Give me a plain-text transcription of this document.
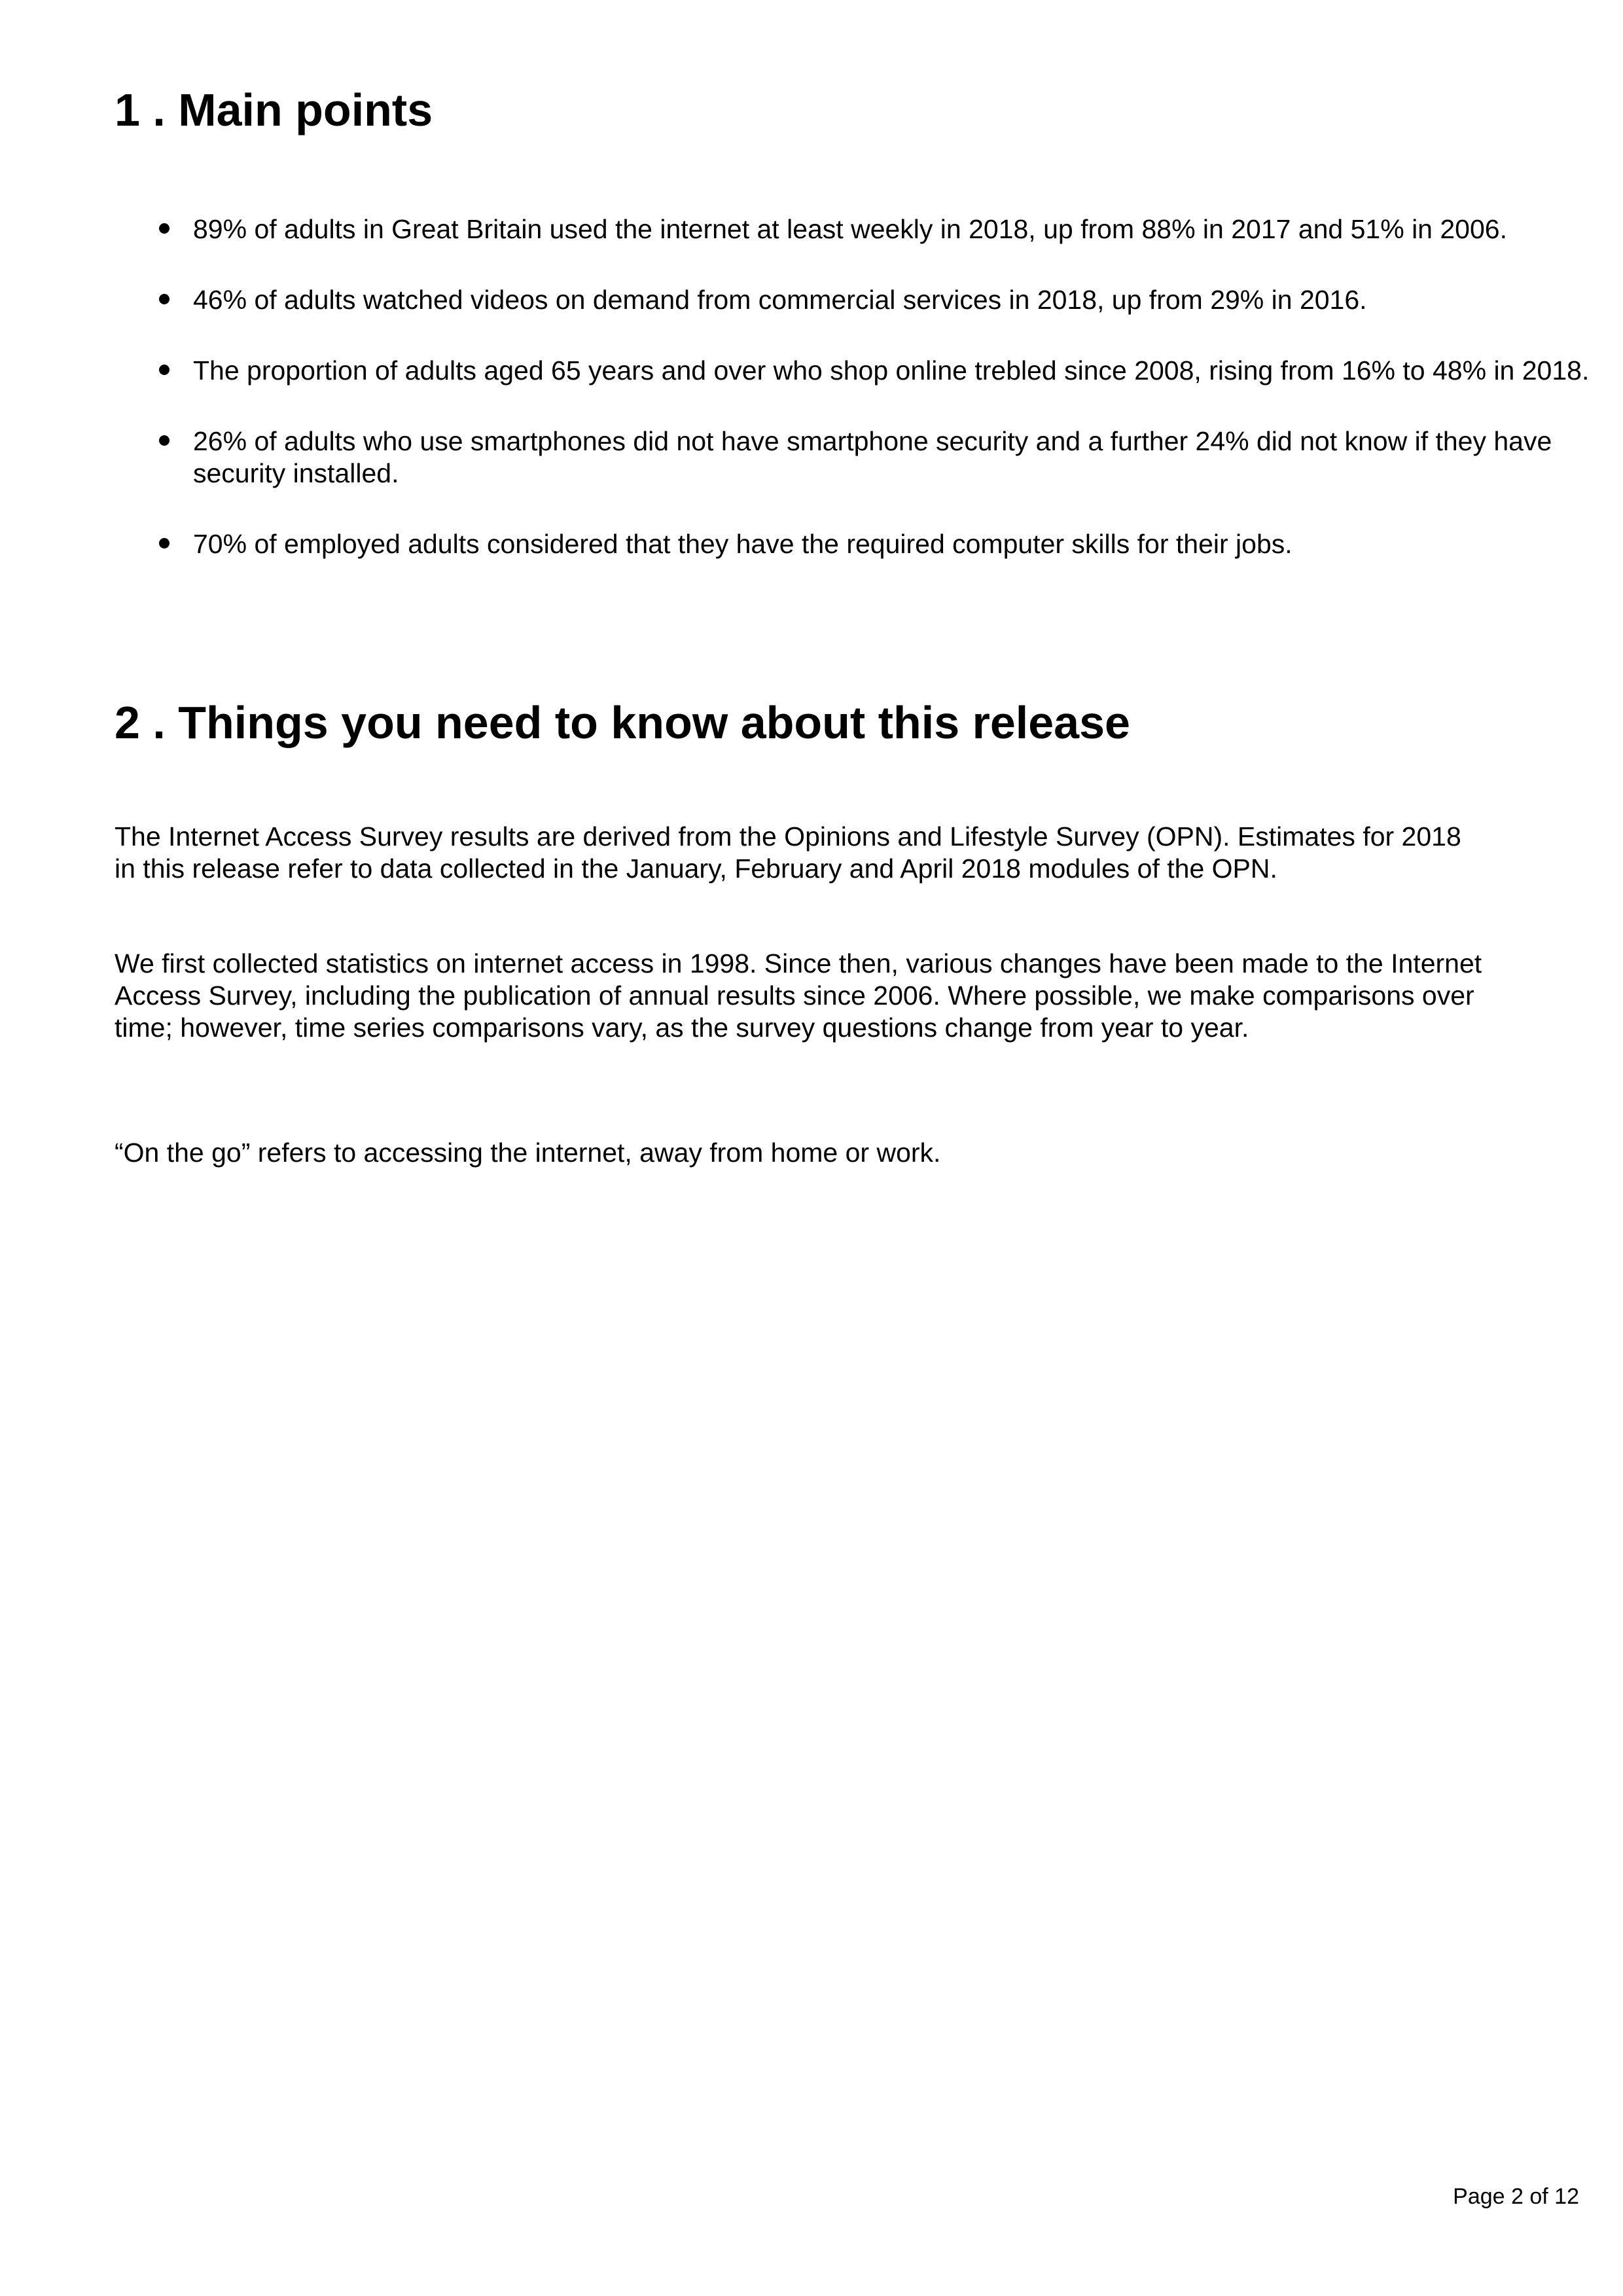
1 . Main points
89% of adults in Great Britain used the internet at least weekly in 2018, up from 88% in 2017 and 51% in 2006.
46% of adults watched videos on demand from commercial services in 2018, up from 29% in 2016.
The proportion of adults aged 65 years and over who shop online trebled since 2008, rising from 16% to 48% in 2018.
26% of adults who use smartphones did not have smartphone security and a further 24% did not know if they have security installed.
70% of employed adults considered that they have the required computer skills for their jobs.
2 . Things you need to know about this release

The Internet Access Survey results are derived from the Opinions and Lifestyle Survey (OPN). Estimates for 2018 in this release refer to data collected in the January, February and April 2018 modules of the OPN.

We first collected statistics on internet access in 1998. Since then, various changes have been made to the Internet Access Survey, including the publication of annual results since 2006. Where possible, we make comparisons over time; however, time series comparisons vary, as the survey questions change from year to year.

“On the go” refers to accessing the internet, away from home or work.

Page 2 of 12
